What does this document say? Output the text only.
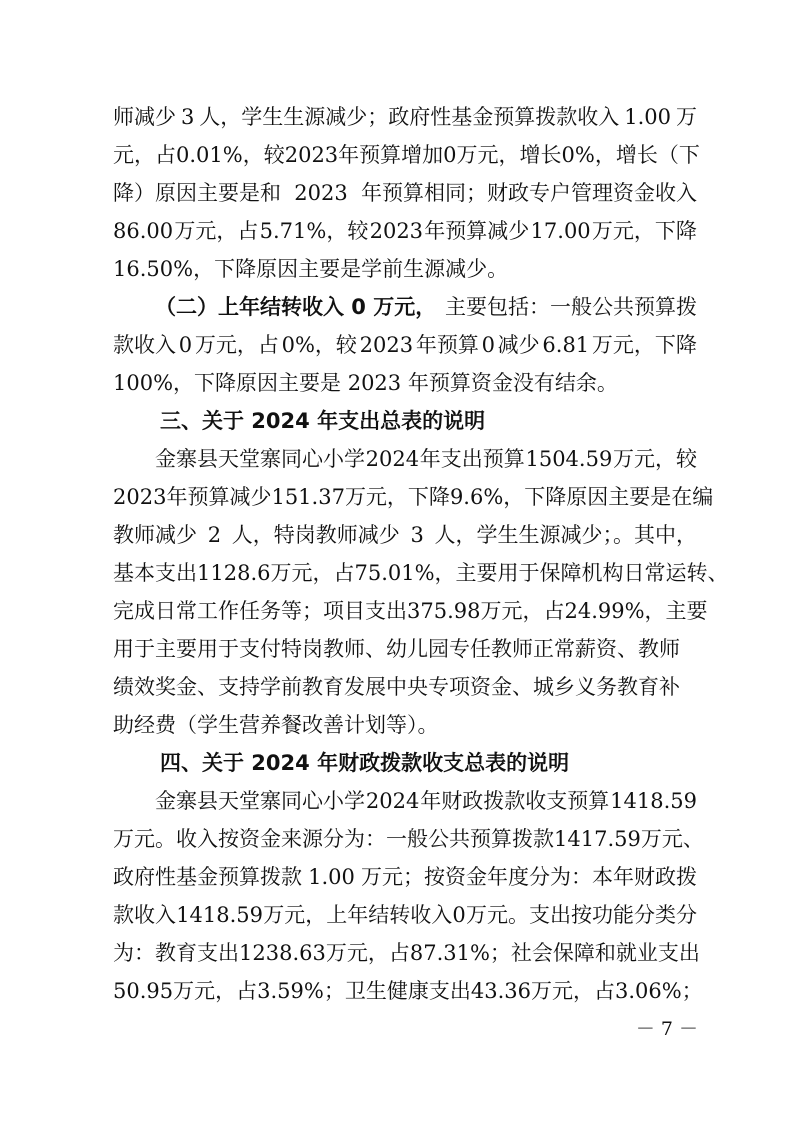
师减少 3 人，学生生源减少；政府性基金预算拨款收入 1.00 万
元，占 0.01%，较 2023 年预算增加 0 万元，增长 0%，增长（下
降）原因主要是和 2023 年预算相同；财政专户管理资金收入
86.00 万元，占 5.71%，较 2023 年预算减少 17.00 万元，下降
16.50%，下降原因主要是学前生源减少。
（二）上年结转收入 0 万元， 主要包括：一般公共预算拨
款收入 0 万元，占 0%，较 2023 年预算 0 减少 6.81 万元，下降
100%，下降原因主要是 2023 年预算资金没有结余。
三、关于 2024 年支出总表的说明
金寨县天堂寨同心小学 2024 年支出预算 1504.59 万元，较
2023 年预算减少 151.37 万元，下降 9.6%，下降原因主要是在编
教师减少 2 人，特岗教师减少 3 人，学生生源减少；。其中，
基本支出 1128.6 万元，占 75.01%，主要用于保障机构日常运转、
完成日常工作任务等；项目支出 375.98 万元，占 24.99%，主要
用于主要用于支付特岗教师、幼儿园专任教师正常薪资、教师
绩效奖金、支持学前教育发展中央专项资金、城乡义务教育补
助经费（学生营养餐改善计划等）。
四、关于 2024 年财政拨款收支总表的说明
金寨县天堂寨同心小学 2024 年财政拨款收支预算 1418.59
万元。收入按资金来源分为：一般公共预算拨款 1417.59 万元、
政府性基金预算拨款 1.00 万元；按资金年度分为：本年财政拨
款收入 1418.59 万元，上年结转收入 0 万元。支出按功能分类分
为：教育支出 1238.63 万元，占 87.31%；社会保障和就业支出
50.95 万元，占 3.59%；卫生健康支出 43.36 万元，占 3.06%；
－ 7 －
